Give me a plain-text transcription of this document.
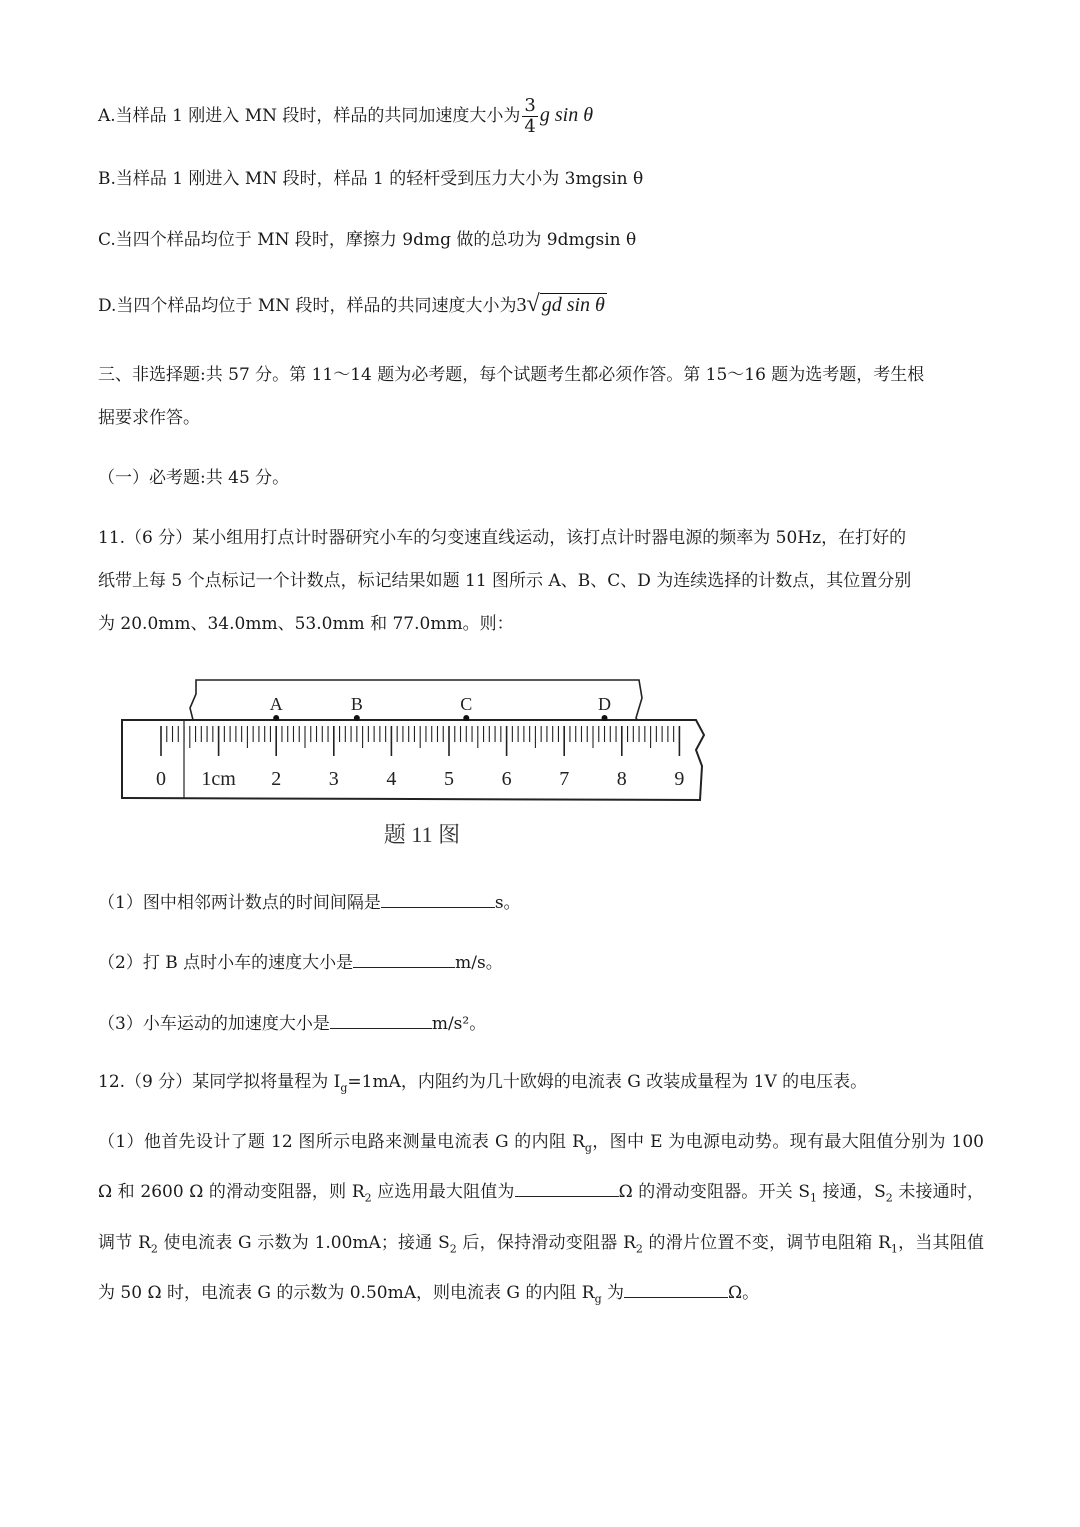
A.当样品 1 刚进入 MN 段时，样品的共同加速度大小为 $\frac{3}{4}$ g sin θ
B.当样品 1 刚进入 MN 段时，样品 1 的轻杆受到压力大小为 3mgsin θ
C.当四个样品均位于 MN 段时，摩擦力 9dmg 做的总功为 9dmgsin θ
D.当四个样品均位于 MN 段时，样品的共同速度大小为3√ gd sin θ
三、非选择题:共 57 分。第 11～14 题为必考题，每个试题考生都必须作答。第 15～16 题为选考题，考生根
据要求作答。
（一）必考题:共 45 分。
11.（6 分）某小组用打点计时器研究小车的匀变速直线运动，该打点计时器电源的频率为 50Hz，在打好的
纸带上每 5 个点标记一个计数点，标记结果如题 11 图所示 A、B、C、D 为连续选择的计数点，其位置分别
为 20.0mm、34.0mm、53.0mm 和 77.0mm。则：
0 1cm 2 3 4 5 6 7 8 9
A	B	C	D
题 11 图
（1）图中相邻两计数点的时间间隔是	s。
（2）打 B 点时小车的速度大小是	m/s。
（3）小车运动的加速度大小是	m/s²。
12.（9 分）某同学拟将量程为 $I_g=1mA$，内阻约为几十欧姆的电流表 G 改装成量程为 1V 的电压表。
（1）他首先设计了题 12 图所示电路来测量电流表 G 的内阻 $R_g$，图中 E 为电源电动势。现有最大阻值分别为 100 Ω 和 2600 Ω 的滑动变阻器，则 $R_2$ 应选用最大阻值为	Ω 的滑动变阻器。开关 $S_1$ 接通，$S_2$ 未接通时，调节 $R_2$ 使电流表 G 示数为 1.00mA；接通 $S_2$ 后，保持滑动变阻器 $R_2$ 的滑片位置不变，调节电阻箱 $R_1$，当其阻值为 50 Ω 时，电流表 G 的示数为 0.50mA，则电流表 G 的内阻 $R_g$ 为	Ω。
